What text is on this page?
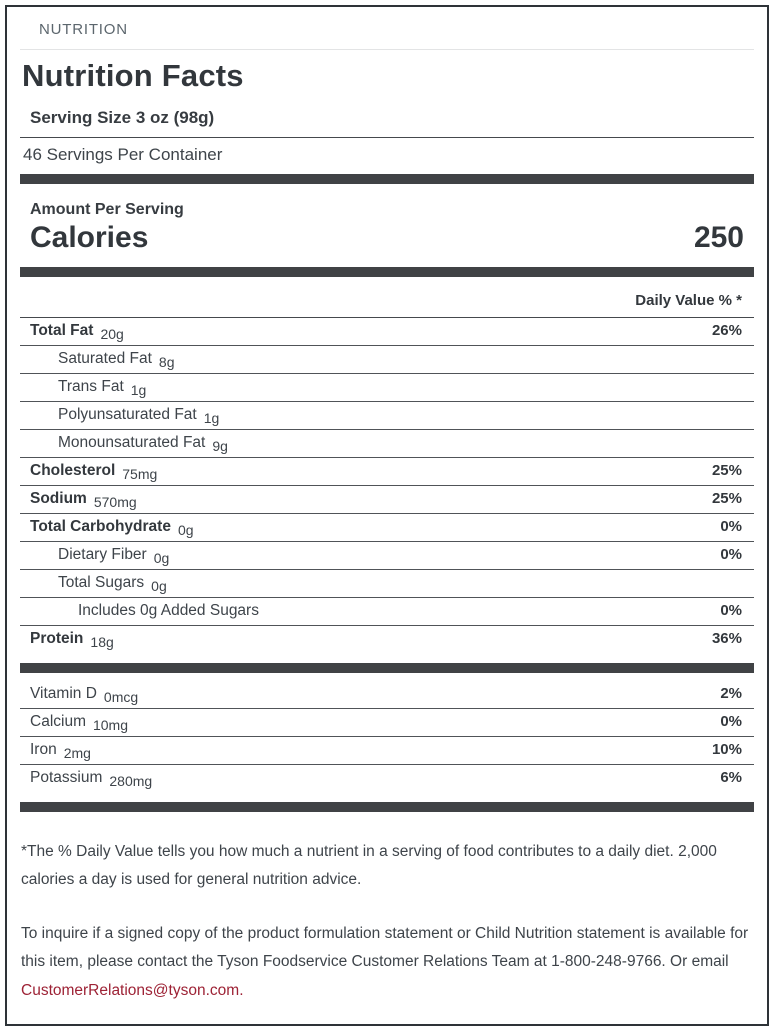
NUTRITION
Nutrition Facts
Serving Size 3 oz (98g)
46 Servings Per Container
Amount Per Serving
Calories	250
Daily Value % *
Total Fat 20g	26%
Saturated Fat 8g
Trans Fat 1g
Polyunsaturated Fat 1g
Monounsaturated Fat 9g
Cholesterol 75mg	25%
Sodium 570mg	25%
Total Carbohydrate 0g	0%
Dietary Fiber 0g	0%
Total Sugars 0g
Includes 0g Added Sugars	0%
Protein 18g	36%
Vitamin D 0mcg	2%
Calcium 10mg	0%
Iron 2mg	10%
Potassium 280mg	6%

*The % Daily Value tells you how much a nutrient in a serving of food contributes to a daily diet. 2,000 calories a day is used for general nutrition advice.

To inquire if a signed copy of the product formulation statement or Child Nutrition statement is available for this item, please contact the Tyson Foodservice Customer Relations Team at 1-800-248-9766. Or email CustomerRelations@tyson.com.
